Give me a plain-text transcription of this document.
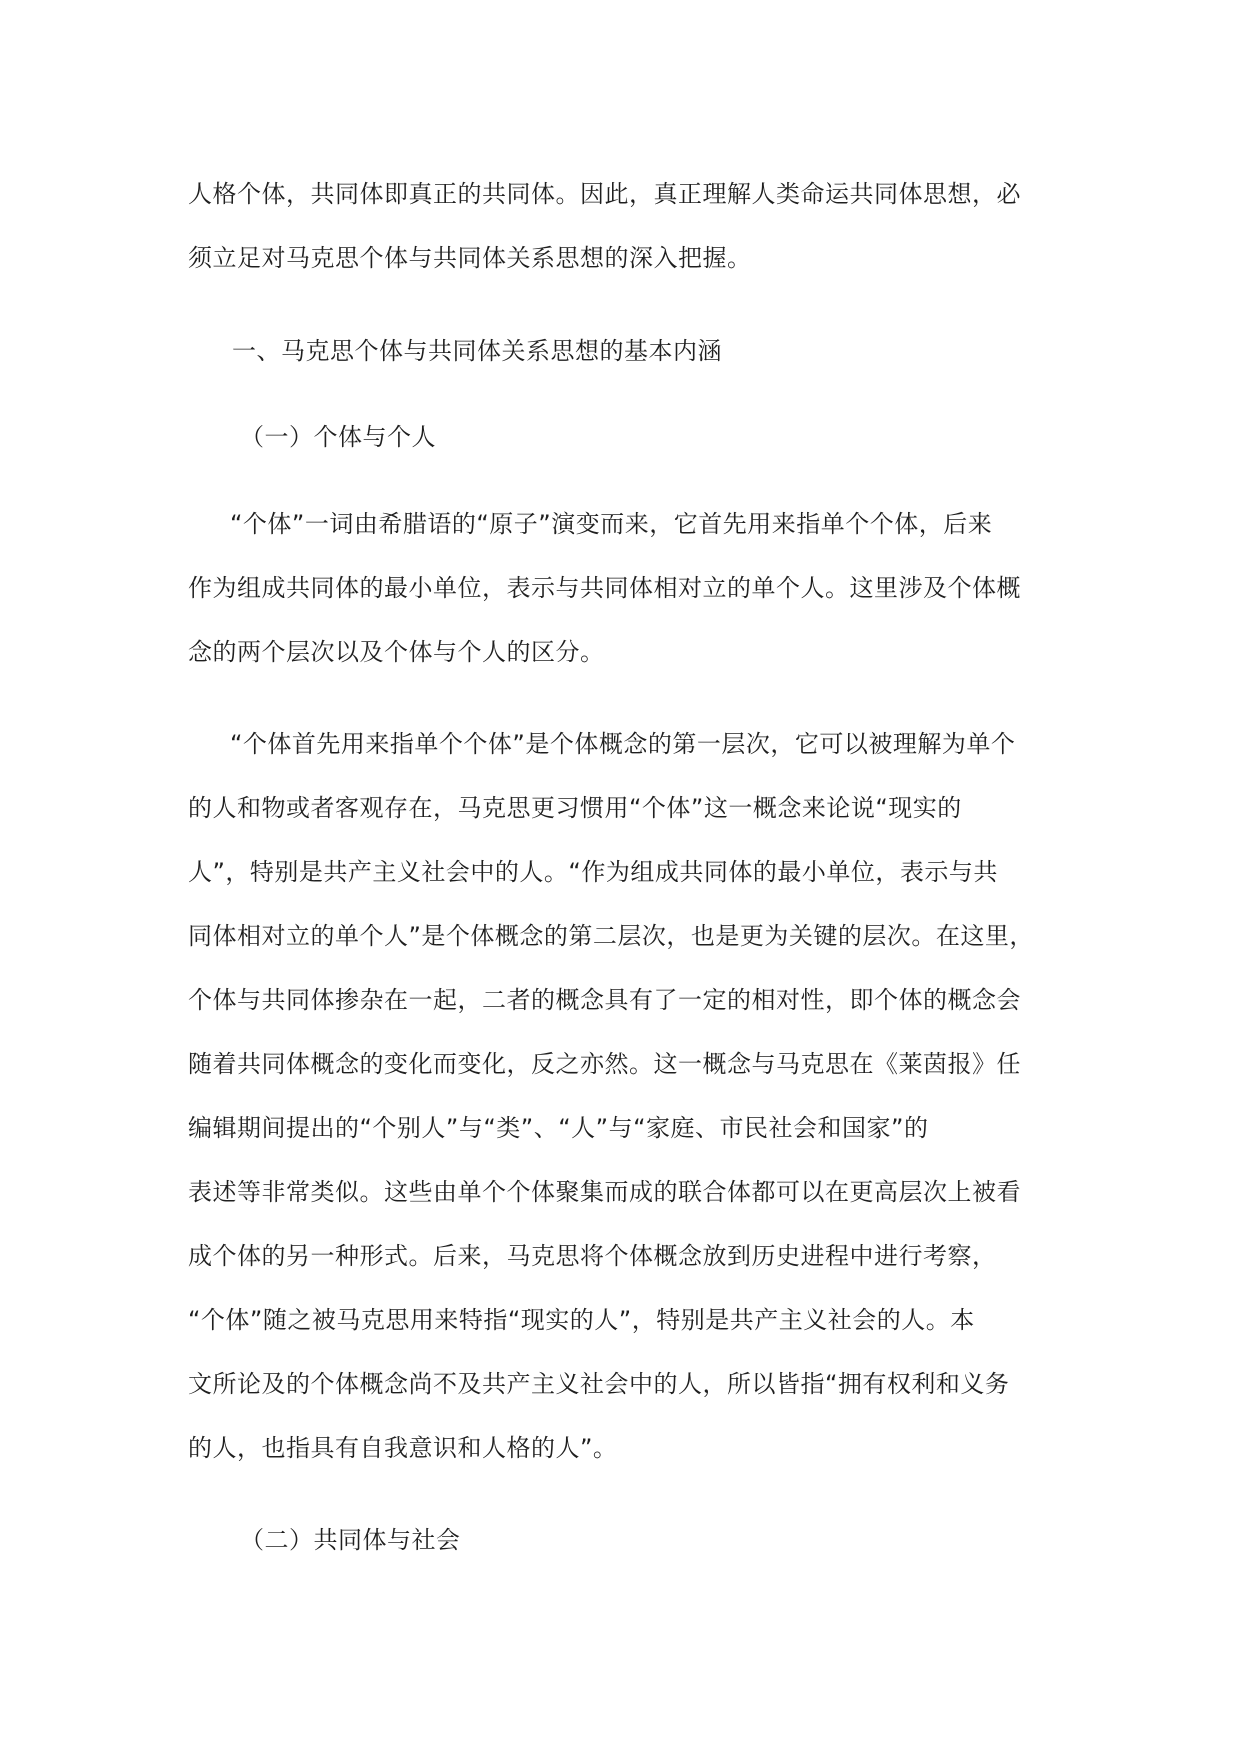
人格个体，共同体即真正的共同体。因此，真正理解人类命运共同体思想，必
须立足对马克思个体与共同体关系思想的深入把握。
一、马克思个体与共同体关系思想的基本内涵
（一）个体与个人
“个体”一词由希腊语的“原子”演变而来，它首先用来指单个个体，后来
作为组成共同体的最小单位，表示与共同体相对立的单个人。这里涉及个体概
念的两个层次以及个体与个人的区分。
“个体首先用来指单个个体”是个体概念的第一层次，它可以被理解为单个
的人和物或者客观存在，马克思更习惯用“个体”这一概念来论说“现实的
人”，特别是共产主义社会中的人。“作为组成共同体的最小单位，表示与共
同体相对立的单个人”是个体概念的第二层次，也是更为关键的层次。在这里，
个体与共同体掺杂在一起，二者的概念具有了一定的相对性，即个体的概念会
随着共同体概念的变化而变化，反之亦然。这一概念与马克思在《莱茵报》任
编辑期间提出的“个别人”与“类”、“人”与“家庭、市民社会和国家”的
表述等非常类似。这些由单个个体聚集而成的联合体都可以在更高层次上被看
成个体的另一种形式。后来，马克思将个体概念放到历史进程中进行考察，
“个体”随之被马克思用来特指“现实的人”，特别是共产主义社会的人。本
文所论及的个体概念尚不及共产主义社会中的人，所以皆指“拥有权利和义务
的人，也指具有自我意识和人格的人”。
（二）共同体与社会
